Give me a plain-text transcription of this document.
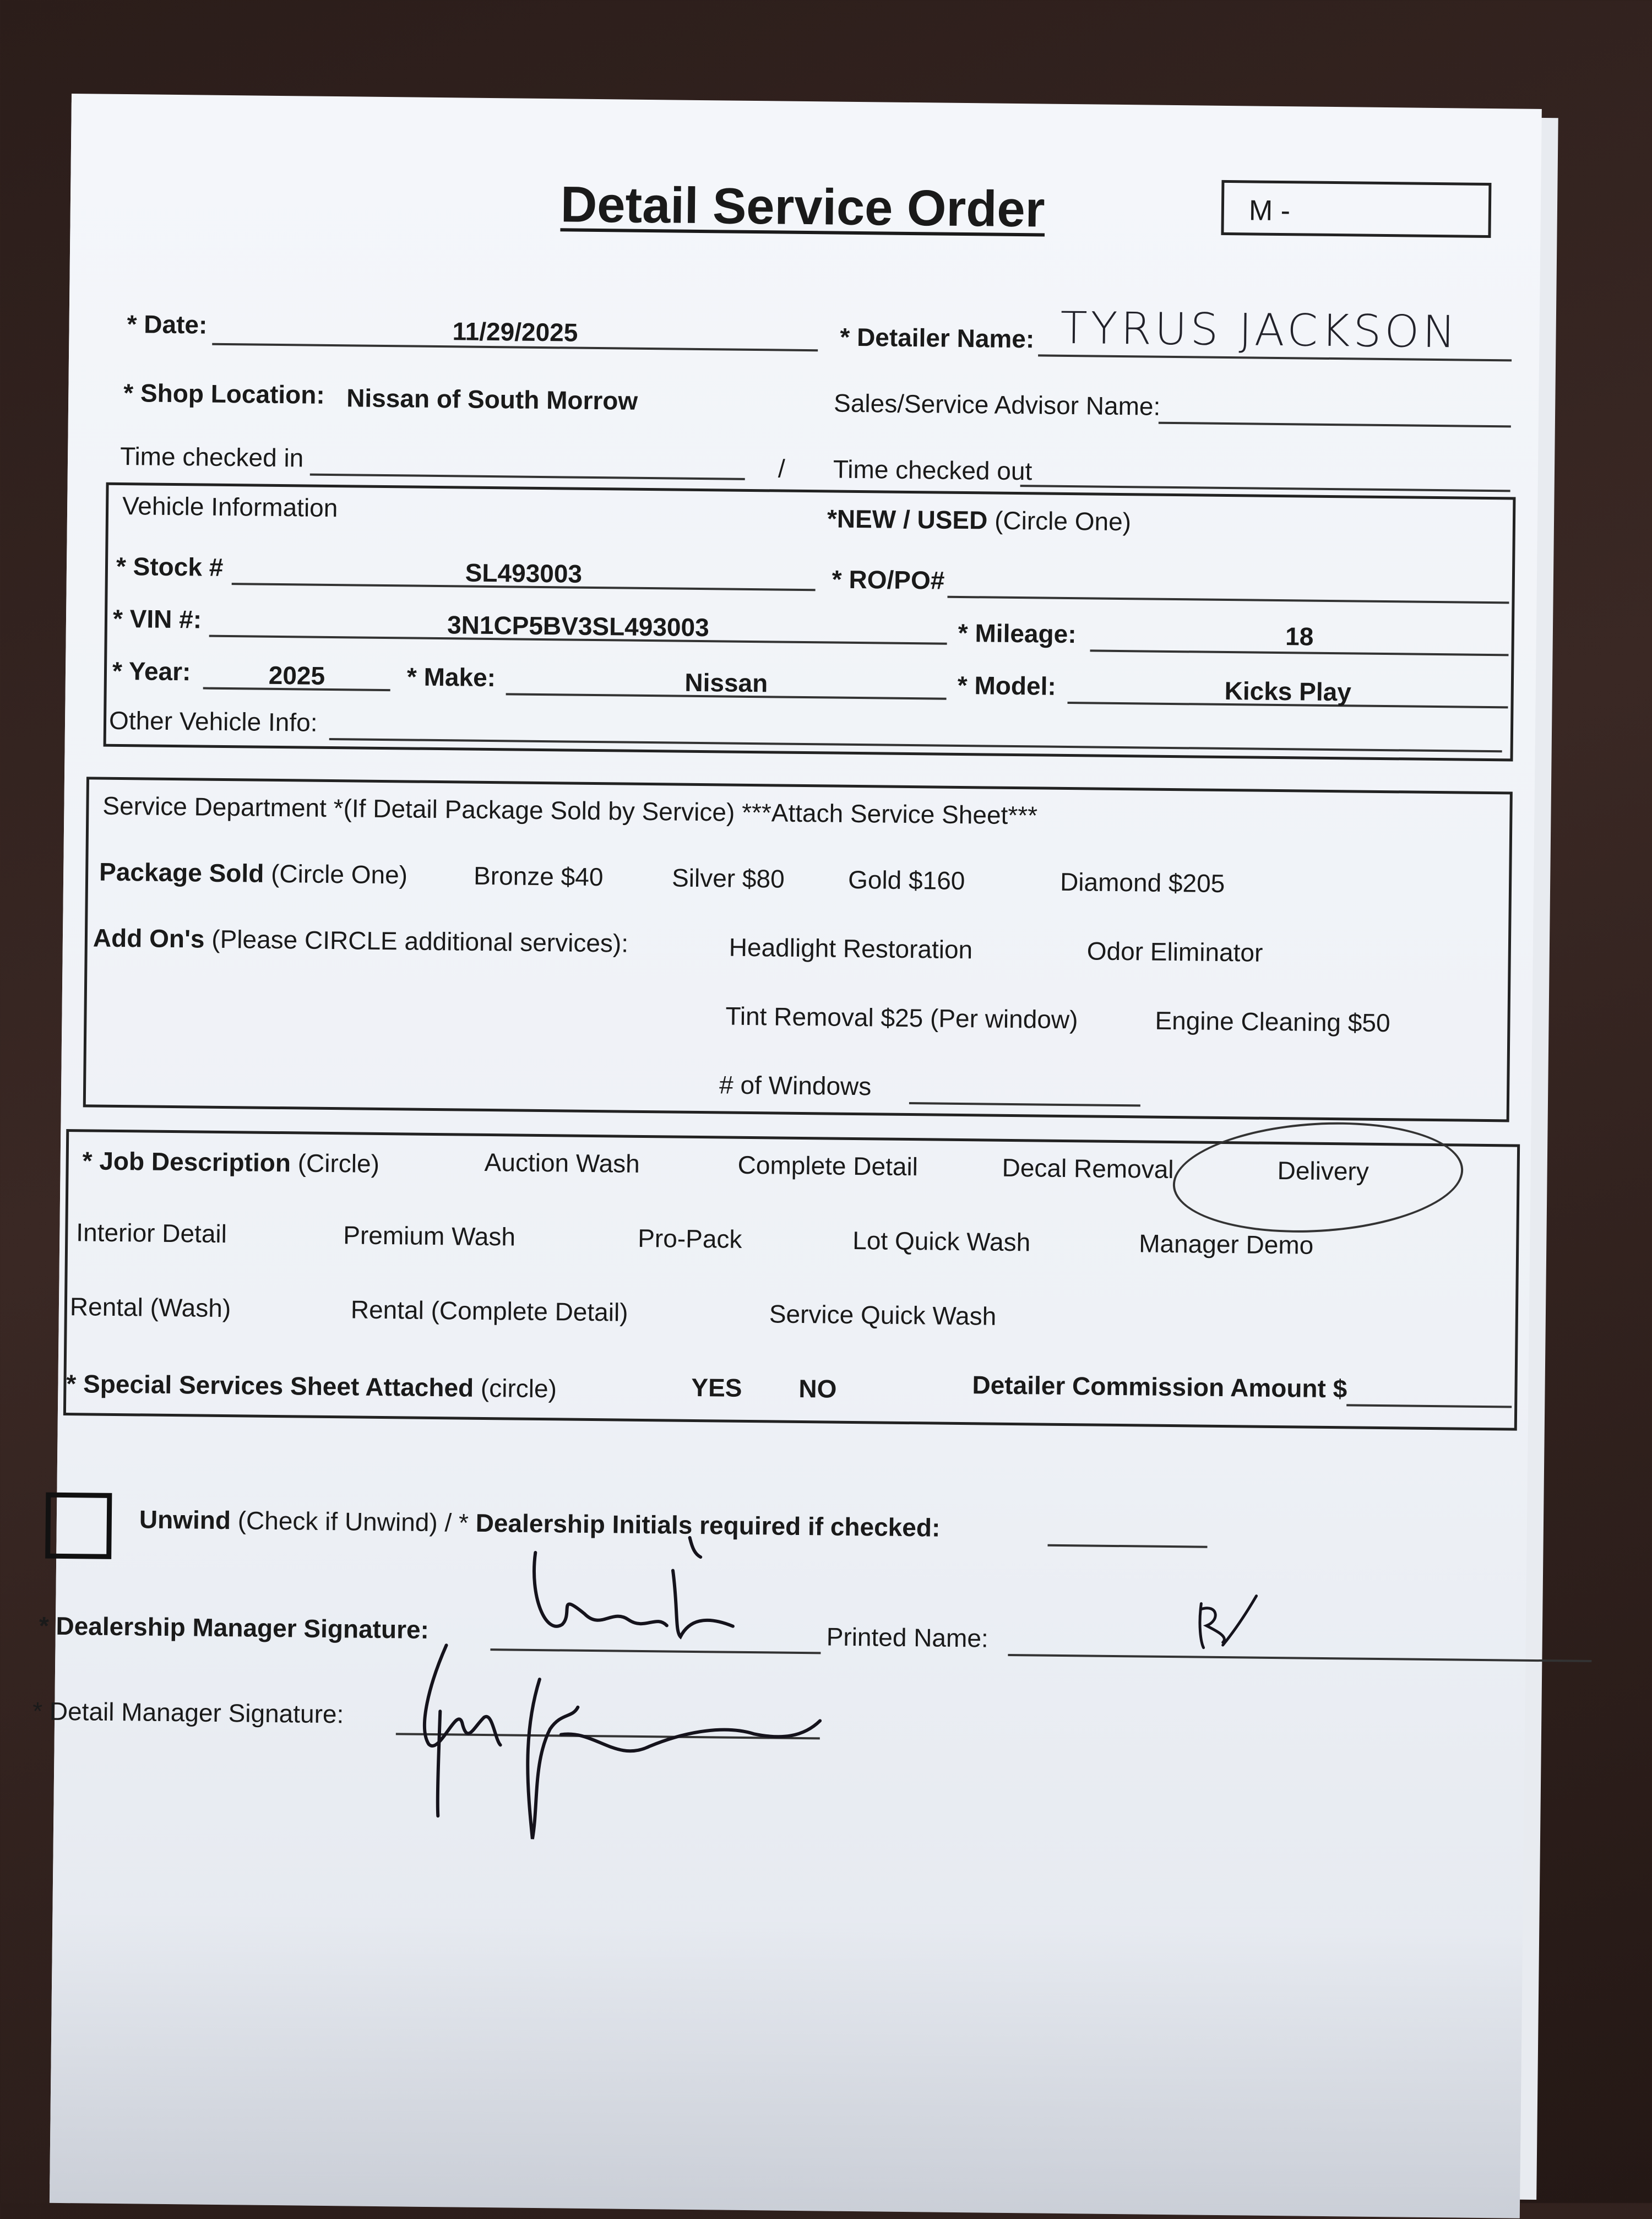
Detail Service Order	M -
* Date:	11/29/2025	* Detailer Name: TYRUS JACKSON
* Shop Location: Nissan of South Morrow	Sales/Service Advisor Name:
Time checked in	/ Time checked out
Vehicle Information	*NEW / USED (Circle One)
* Stock #	SL493003	* RO/PO#
* VIN #:	3N1CP5BV3SL493003	* Mileage:	18
* Year:	2025	* Make:	Nissan	* Model:	Kicks Play
Other Vehicle Info:
Service Department *(If Detail Package Sold by Service) ***Attach Service Sheet***
Package Sold (Circle One)	Bronze $40	Silver $80 Gold $160	Diamond $205
Add On's (Please CIRCLE additional services):	Headlight Restoration	Odor Eliminator
Tint Removal $25 (Per window)	Engine Cleaning $50
# of Windows
* Job Description (Circle)	Auction Wash	Complete Detail	Decal Removal	Delivery
Interior Detail	Premium Wash	Pro-Pack	Lot Quick Wash	Manager Demo
Rental (Wash)	Rental (Complete Detail)	Service Quick Wash
* Special Services Sheet Attached (circle)	YES NO	Detailer Commission Amount $
Unwind (Check if Unwind) / * Dealership Initials required if checked:
* Dealership Manager Signature:	Printed Name:
* Detail Manager Signature:
